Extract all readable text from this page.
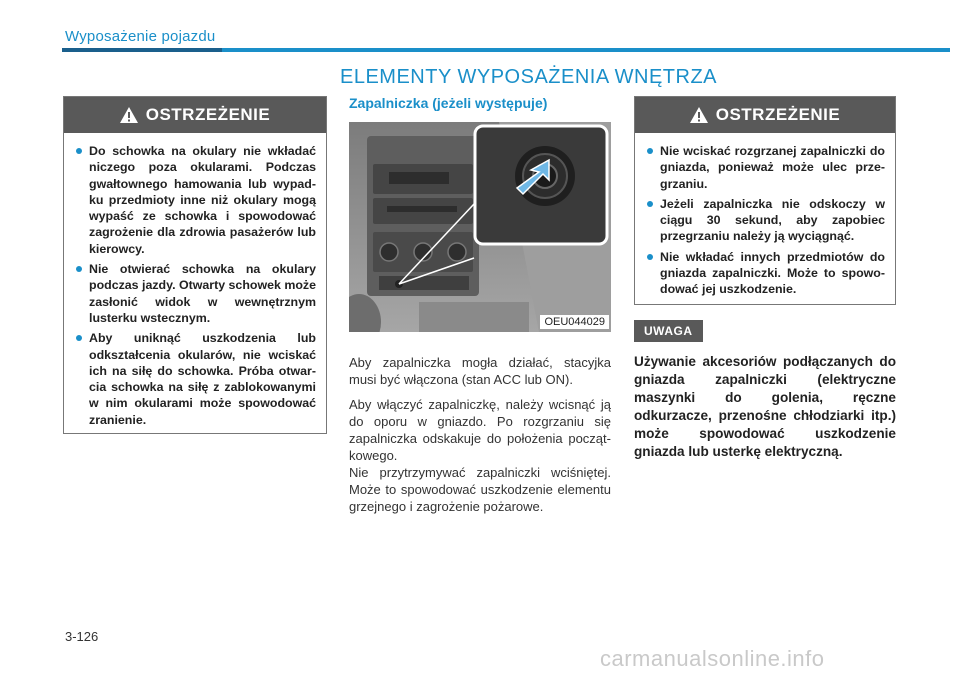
Wyposażenie pojazdu
ELEMENTY WYPOSAŻENIA WNĘTRZA
OSTRZEŻENIE
Do schowka na okulary nie wkładać niczego poza okularami. Podczas gwałtownego hamowania lub wypadku przedmioty inne niż okulary mogą wypaść ze schowka i spowodować zagrożenie dla zdrowia pasażerów lub kierowcy.
Nie otwierać schowka na okulary podczas jazdy. Otwarty schowek może zasłonić widok w wewnętrznym lusterku wstecznym.
Aby uniknąć uszkodzenia lub odkształcenia okularów, nie wciskać ich na siłę do schowka. Próba otwarcia schowka na siłę z zablokowanymi w nim okularami może spowodować zranienie.
Zapalniczka (jeżeli występuje)
OEU044029
Aby zapalniczka mogła działać, stacyjka musi być włączona (stan ACC lub ON).
Aby włączyć zapalniczkę, należy wcisnąć ją do oporu w gniazdo. Po rozgrzaniu się zapalniczka odskakuje do położenia początkowego.
Nie przytrzymywać zapalniczki wciśniętej. Może to spowodować uszkodzenie elementu grzejnego i zagrożenie pożarowe.
OSTRZEŻENIE
Nie wciskać rozgrzanej zapalniczki do gniazda, ponieważ może ulec przegrzaniu.
Jeżeli zapalniczka nie odskoczy w ciągu 30 sekund, aby zapobiec przegrzaniu należy ją wyciągnąć.
Nie wkładać innych przedmiotów do gniazda zapalniczki. Może to spowodować jej uszkodzenie.
UWAGA
Używanie akcesoriów podłączanych do gniazda zapalniczki (elektryczne maszynki do golenia, ręczne odkurzacze, przenośne chłodziarki itp.) może spowodować uszkodzenie gniazda lub usterkę elektryczną.
3-126
carmanualsonline.info
